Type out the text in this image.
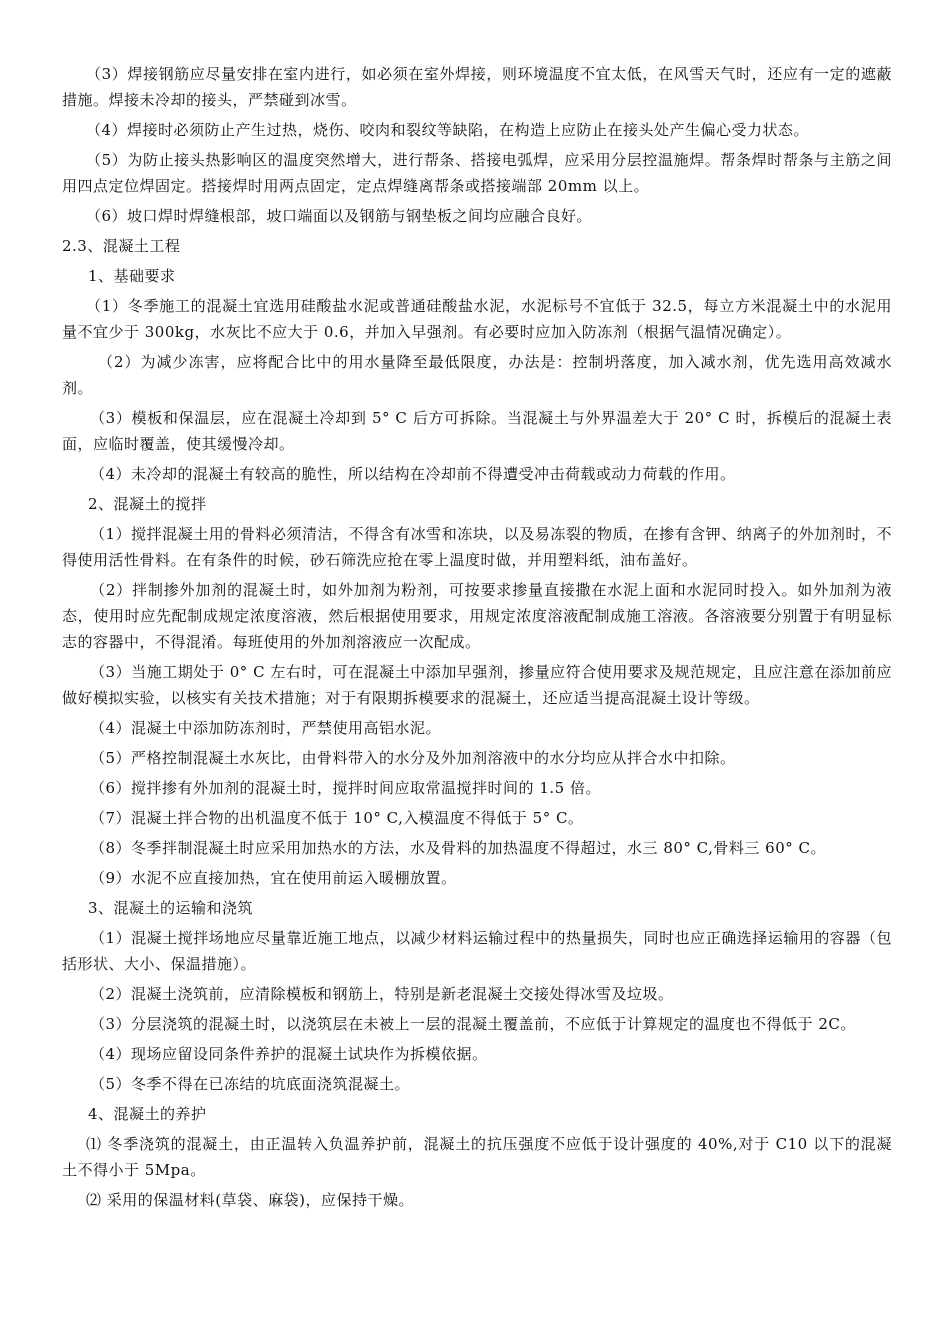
（3）焊接钢筋应尽量安排在室内进行，如必须在室外焊接，则环境温度不宜太低，在风雪天气时，还应有一定的遮蔽措施。焊接未冷却的接头，严禁碰到冰雪。

（4）焊接时必须防止产生过热，烧伤、咬肉和裂纹等缺陷，在构造上应防止在接头处产生偏心受力状态。

（5）为防止接头热影响区的温度突然增大，进行帮条、搭接电弧焊，应采用分层控温施焊。帮条焊时帮条与主筋之间用四点定位焊固定。搭接焊时用两点固定，定点焊缝离帮条或搭接端部 20mm 以上。

（6）坡口焊时焊缝根部，坡口端面以及钢筋与钢垫板之间均应融合良好。

2.3、混凝土工程

1、基础要求

（1）冬季施工的混凝土宜选用硅酸盐水泥或普通硅酸盐水泥，水泥标号不宜低于 32.5，每立方米混凝土中的水泥用量不宜少于 300kg，水灰比不应大于 0.6，并加入早强剂。有必要时应加入防冻剂（根据气温情况确定）。

（2）为减少冻害，应将配合比中的用水量降至最低限度，办法是：控制坍落度，加入减水剂，优先选用高效减水剂。

（3）模板和保温层，应在混凝土冷却到 5° C 后方可拆除。当混凝土与外界温差大于 20° C 时，拆模后的混凝土表面，应临时覆盖，使其缓慢冷却。

（4）未冷却的混凝土有较高的脆性，所以结构在冷却前不得遭受冲击荷载或动力荷载的作用。

2、混凝土的搅拌

（1）搅拌混凝土用的骨料必须清洁，不得含有冰雪和冻块，以及易冻裂的物质，在掺有含钾、纳离子的外加剂时，不得使用活性骨料。在有条件的时候，砂石筛洗应抢在零上温度时做，并用塑料纸，油布盖好。

（2）拌制掺外加剂的混凝土时，如外加剂为粉剂，可按要求掺量直接撒在水泥上面和水泥同时投入。如外加剂为液态，使用时应先配制成规定浓度溶液，然后根据使用要求，用规定浓度溶液配制成施工溶液。各溶液要分别置于有明显标志的容器中，不得混淆。每班使用的外加剂溶液应一次配成。

（3）当施工期处于 0° C 左右时，可在混凝土中添加早强剂，掺量应符合使用要求及规范规定，且应注意在添加前应做好模拟实验，以核实有关技术措施；对于有限期拆模要求的混凝土，还应适当提高混凝土设计等级。

（4）混凝土中添加防冻剂时，严禁使用高铝水泥。

（5）严格控制混凝土水灰比，由骨料带入的水分及外加剂溶液中的水分均应从拌合水中扣除。

（6）搅拌掺有外加剂的混凝土时，搅拌时间应取常温搅拌时间的 1.5 倍。

（7）混凝土拌合物的出机温度不低于 10° C,入模温度不得低于 5° C。

（8）冬季拌制混凝土时应采用加热水的方法，水及骨料的加热温度不得超过，水三 80° C,骨料三 60° C。

（9）水泥不应直接加热，宜在使用前运入暖棚放置。

3、混凝土的运输和浇筑

（1）混凝土搅拌场地应尽量靠近施工地点，以减少材料运输过程中的热量损失，同时也应正确选择运输用的容器（包括形状、大小、保温措施）。

（2）混凝土浇筑前，应清除模板和钢筋上，特别是新老混凝土交接处得冰雪及垃圾。

（3）分层浇筑的混凝土时，以浇筑层在未被上一层的混凝土覆盖前，不应低于计算规定的温度也不得低于 2C。

（4）现场应留设同条件养护的混凝土试块作为拆模依据。

（5）冬季不得在已冻结的坑底面浇筑混凝土。

4、混凝土的养护

⑴ 冬季浇筑的混凝土，由正温转入负温养护前，混凝土的抗压强度不应低于设计强度的 40%,对于 C10 以下的混凝土不得小于 5Mpa。

⑵ 采用的保温材料(草袋、麻袋)，应保持干燥。
